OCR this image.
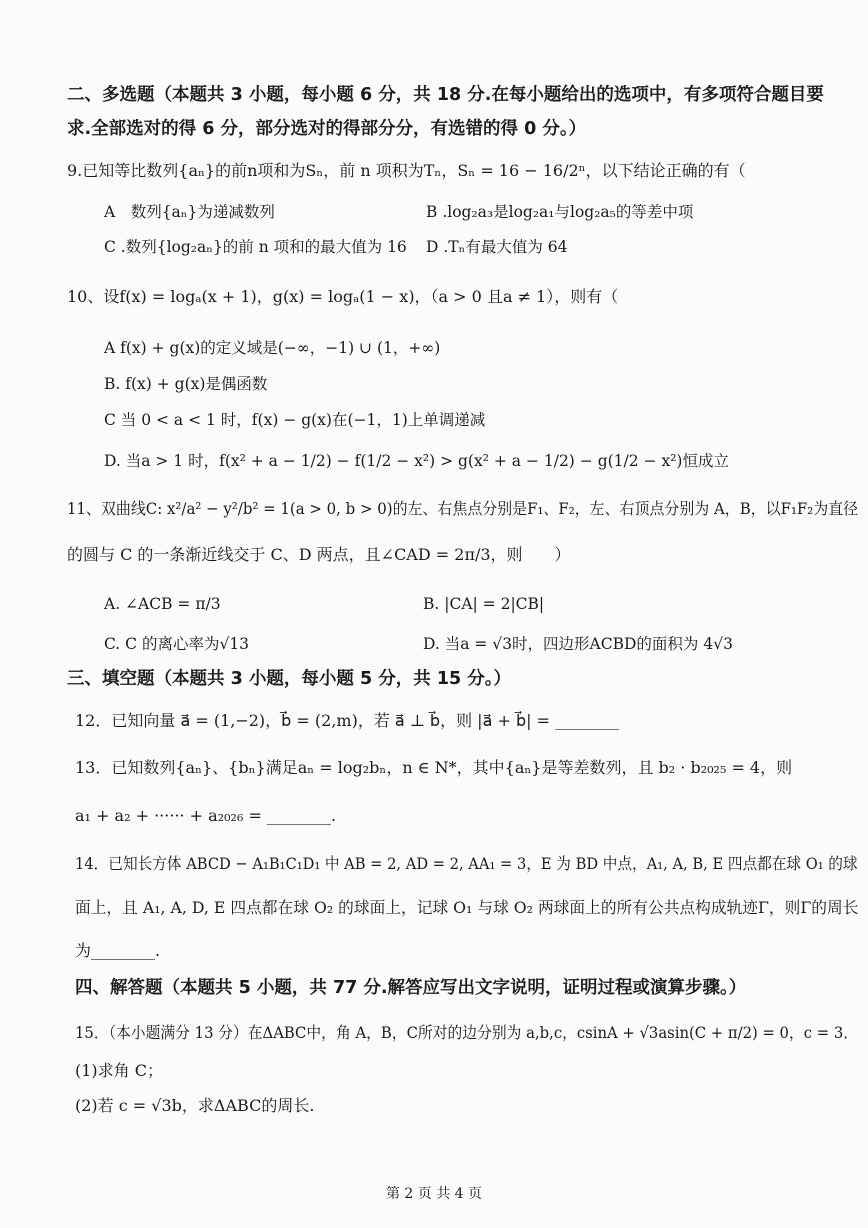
二、多选题（本题共 3 小题，每小题 6 分，共 18 分.在每小题给出的选项中，有多项符合题目要
求.全部选对的得 6 分，部分选对的得部分分，有选错的得 0 分。）
9.已知等比数列{aₙ}的前n项和为Sₙ，前 n 项积为Tₙ，Sₙ = 16 − 16/2ⁿ，以下结论正确的有（
A　数列{aₙ}为递减数列	B .log₂a₃是log₂a₁与log₂a₅的等差中项
C .数列{log₂aₙ}的前 n 项和的最大值为 16 D .Tₙ有最大值为 64
10、设f(x) = logₐ(x + 1)，g(x) = logₐ(1 − x)，（a > 0 且a ≠ 1），则有（
A f(x) + g(x)的定义域是(−∞，−1) ∪ (1，+∞)
B. f(x) + g(x)是偶函数
C 当 0 < a < 1 时，f(x) − g(x)在(−1，1)上单调递减
D. 当a > 1 时，f(x² + a − 1/2) − f(1/2 − x²) > g(x² + a − 1/2) − g(1/2 − x²)恒成立
11、双曲线C: x²/a² − y²/b² = 1(a > 0, b > 0)的左、右焦点分别是F₁、F₂，左、右顶点分别为 A，B，以F₁F₂为直径
的圆与 C 的一条渐近线交于 C、D 两点，且∠CAD = 2π/3，则　　）
A. ∠ACB = π/3	B. |CA| = 2|CB|
C. C 的离心率为√13	D. 当a = √3时，四边形ACBD的面积为 4√3
三、填空题（本题共 3 小题，每小题 5 分，共 15 分。）
12．已知向量 a⃗ = (1,−2)，b⃗ = (2,m)，若 a⃗ ⊥ b⃗，则 |a⃗ + b⃗| = ________
13．已知数列{aₙ}、{bₙ}满足aₙ = log₂bₙ，n ∈ N*，其中{aₙ}是等差数列，且 b₂ · b₂₀₂₅ = 4，则
a₁ + a₂ + ······ + a₂₀₂₆ = ________.
14．已知长方体 ABCD − A₁B₁C₁D₁ 中 AB = 2, AD = 2, AA₁ = 3，E 为 BD 中点，A₁, A, B, E 四点都在球 O₁ 的球
面上，且 A₁, A, D, E 四点都在球 O₂ 的球面上，记球 O₁ 与球 O₂ 两球面上的所有公共点构成轨迹Γ，则Γ的周长
为________.
四、解答题（本题共 5 小题，共 77 分.解答应写出文字说明，证明过程或演算步骤。）
15．（本小题满分 13 分）在ΔABC中，角 A，B，C所对的边分别为 a,b,c，csinA + √3asin(C + π/2) = 0，c = 3．
(1)求角 C；
(2)若 c = √3b，求ΔABC的周长.
第 2 页 共 4 页
